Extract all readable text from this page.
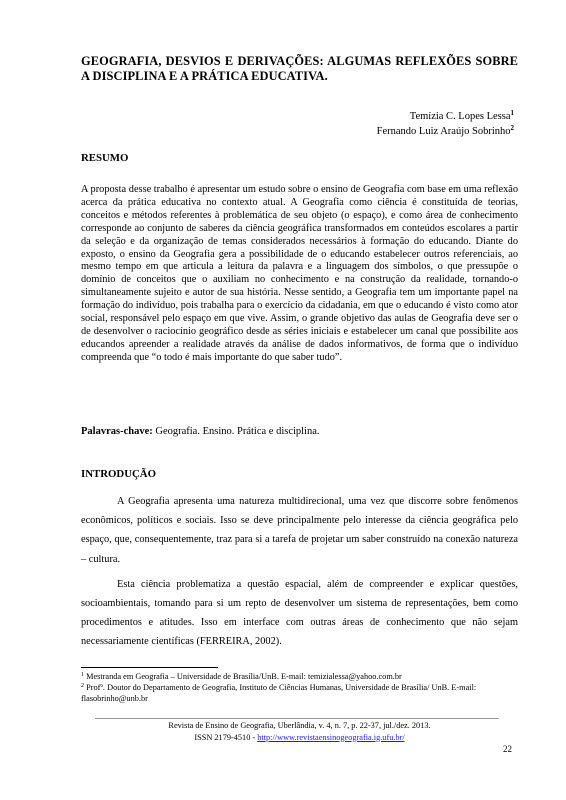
GEOGRAFIA, DESVIOS E DERIVAÇÕES: ALGUMAS REFLEXÕES SOBRE A DISCIPLINA E A PRÁTICA EDUCATIVA.
Temízia C. Lopes Lessa$^1$
Fernando Luiz Araújo Sobrinho$^2$
RESUMO

A proposta desse trabalho é apresentar um estudo sobre o ensino de Geografia com base em uma reflexão acerca da prática educativa no contexto atual. A Geografia como ciência é constituída de teorias, conceitos e métodos referentes à problemática de seu objeto (o espaço), e como área de conhecimento corresponde ao conjunto de saberes da ciência geográfica transformados em conteúdos escolares a partir da seleção e da organização de temas considerados necessários à formação do educando. Diante do exposto, o ensino da Geografia gera a possibilidade de o educando estabelecer outros referenciais, ao mesmo tempo em que articula a leitura da palavra e a linguagem dos símbolos, o que pressupõe o domínio de conceitos que o auxiliam no conhecimento e na construção da realidade, tornando-o simultaneamente sujeito e autor de sua história. Nesse sentido, a Geografia tem um importante papel na formação do indivíduo, pois trabalha para o exercício da cidadania, em que o educando é visto como ator social, responsável pelo espaço em que vive. Assim, o grande objetivo das aulas de Geografia deve ser o de desenvolver o raciocínio geográfico desde as séries iniciais e estabelecer um canal que possibilite aos educandos apreender a realidade através da análise de dados informativos, de forma que o indivíduo compreenda que “o todo é mais importante do que saber tudo”.

Palavras-chave: Geografia. Ensino. Prática e disciplina.

INTRODUÇÃO

A Geografia apresenta uma natureza multidirecional, uma vez que discorre sobre fenômenos econômicos, políticos e sociais. Isso se deve principalmente pelo interesse da ciência geográfica pelo espaço, que, consequentemente, traz para si a tarefa de projetar um saber construído na conexão natureza – cultura.

Esta ciência problematiza a questão espacial, além de compreender e explicar questões, socioambientais, tomando para si um repto de desenvolver um sistema de representações, bem como procedimentos e atitudes. Isso em interface com outras áreas de conhecimento que não sejam necessariamente científicas (FERREIRA, 2002).

$^1$ Mestranda em Geografia – Universidade de Brasília/UnB. E-mail: temizialessa@yahoo.com.br
$^2$ Profº. Doutor do Departamento de Geografia, Instituto de Ciências Humanas, Universidade de Brasília/ UnB. E-mail: flasobrinho@unb.br
Revista de Ensino de Geografia, Uberlândia, v. 4, n. 7, p. 22-37, jul./dez. 2013.
ISSN 2179-4510 - http://www.revistaensinogeografia.ig.ufu.br/
22
